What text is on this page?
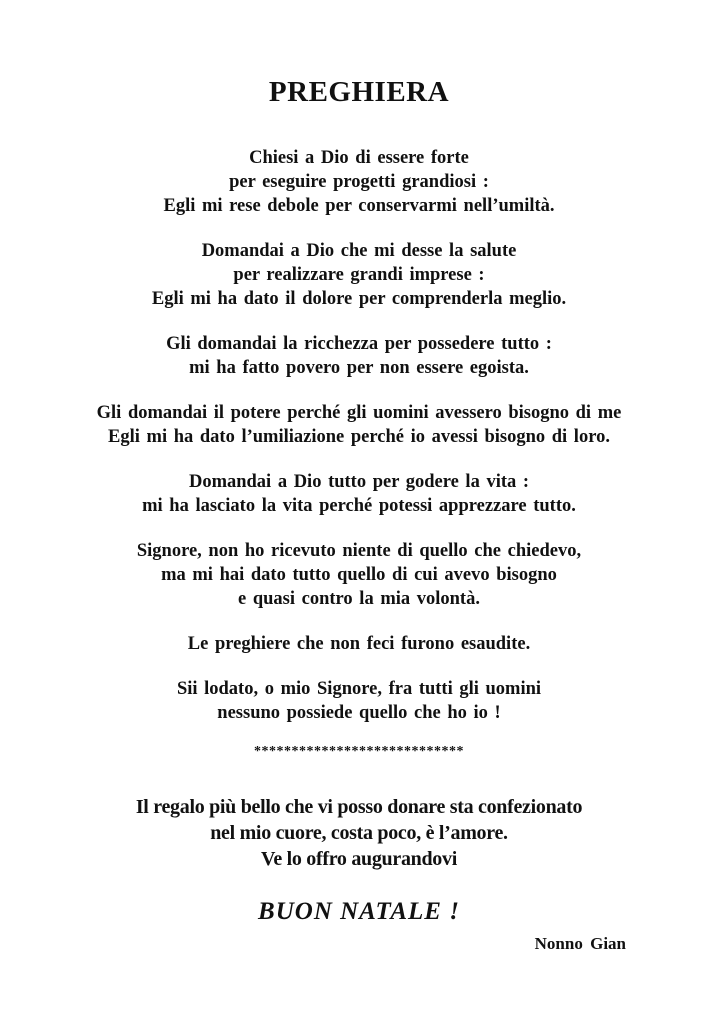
PREGHIERA
Chiesi a Dio di essere forte
per eseguire progetti grandiosi :
Egli mi rese debole per conservarmi nell’umiltà.
Domandai a Dio che mi desse la salute
per realizzare grandi imprese :
Egli mi ha dato il dolore per comprenderla meglio.
Gli domandai la ricchezza per possedere tutto :
mi ha fatto povero per non essere egoista.
Gli domandai il potere perché gli uomini avessero bisogno di me
Egli mi ha dato l’umiliazione perché io avessi bisogno di loro.
Domandai a Dio tutto per godere la vita :
mi ha lasciato la vita perché potessi apprezzare tutto.
Signore, non ho ricevuto niente di quello che chiedevo,
ma mi hai dato tutto quello di cui avevo bisogno
e quasi contro la mia volontà.
Le preghiere che non feci furono esaudite.
Sii lodato, o mio Signore, fra tutti gli uomini
nessuno possiede quello che ho io !
****************************
Il regalo più bello che vi posso donare sta confezionato
nel mio cuore, costa poco, è l’amore.
Ve lo offro augurandovi
BUON NATALE !
Nonno Gian
